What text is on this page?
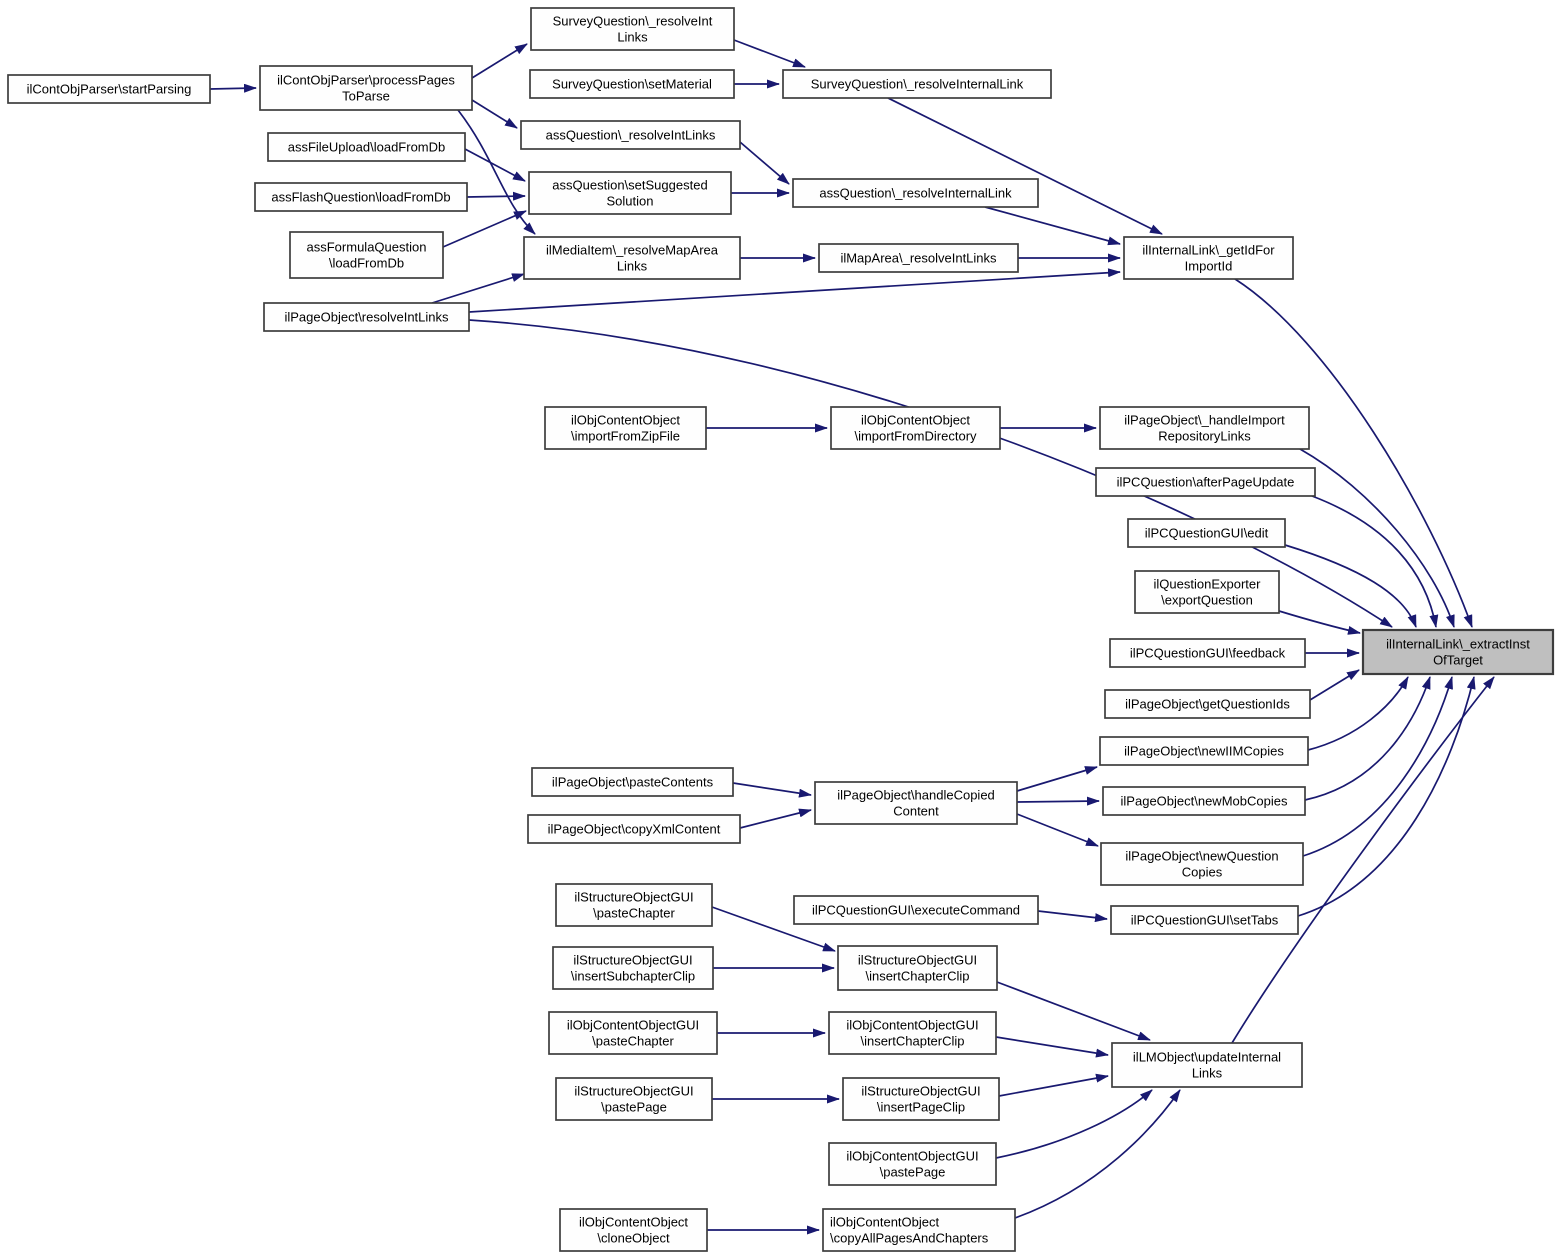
ilContObjParser\startParsing
ilContObjParser\processPages ToParse
SurveyQuestion\_resolveInt Links
SurveyQuestion\setMaterial	SurveyQuestion\_resolveInternalLink
assQuestion\_resolveIntLinks
assFileUpload\loadFromDb
assQuestion\setSuggested Solution
assFlashQuestion\loadFromDb	assQuestion\_resolveInternalLink
assFormulaQuestion \loadFromDb
ilMediaItem\_resolveMapArea Links
ilMapArea\_resolveIntLinks
ilInternalLink\_getIdFor ImportId
ilPageObject\resolveIntLinks
ilObjContentObject \importFromZipFile
ilObjContentObject \importFromDirectory
ilPageObject\_handleImport RepositoryLinks
ilPCQuestion\afterPageUpdate
ilPCQuestionGUI\edit
ilQuestionExporter \exportQuestion
ilPCQuestionGUI\feedback
ilPageObject\getQuestionIds
ilInternalLink\_extractInst OfTarget
ilPageObject\pasteContents
ilPageObject\copyXmlContent
ilPageObject\handleCopied Content
ilPageObject\newIIMCopies
ilPageObject\newMobCopies
ilPageObject\newQuestion Copies
ilStructureObjectGUI \pasteChapter	ilPCQuestionGUI\executeCommand
ilPCQuestionGUI\setTabs
ilStructureObjectGUI \insertSubchapterClip
ilStructureObjectGUI \insertChapterClip
ilObjContentObjectGUI \pasteChapter
ilObjContentObjectGUI \insertChapterClip
ilLMObject\updateInternal Links
ilStructureObjectGUI \pastePage
ilStructureObjectGUI \insertPageClip
ilObjContentObjectGUI \pastePage
ilObjContentObject \cloneObject
ilObjContentObject \copyAllPagesAndChapters
